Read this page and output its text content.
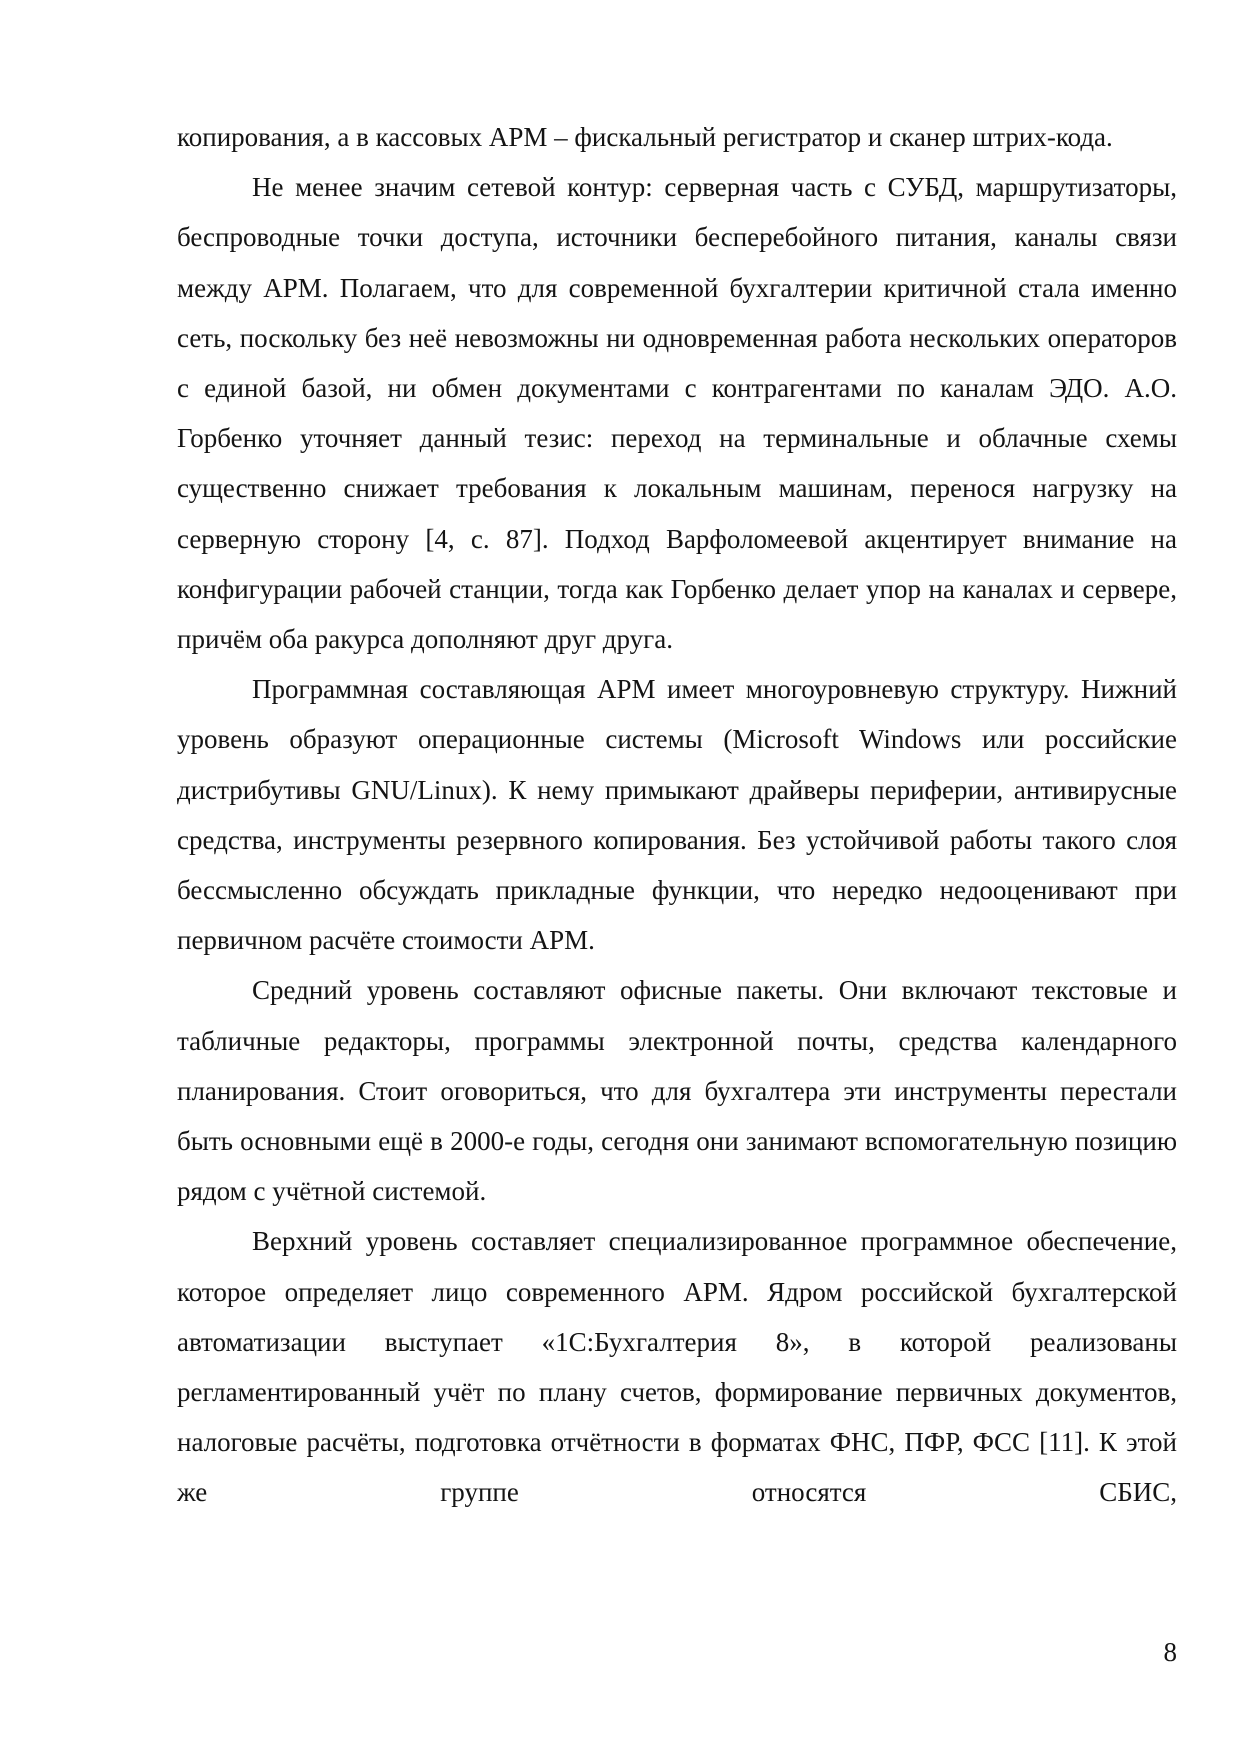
копирования, а в кассовых АРМ – фискальный регистратор и сканер штрих-кода.

Не менее значим сетевой контур: серверная часть с СУБД, маршрутизаторы, беспроводные точки доступа, источники бесперебойного питания, каналы связи между АРМ. Полагаем, что для современной бухгалтерии критичной стала именно сеть, поскольку без неё невозможны ни одновременная работа нескольких операторов с единой базой, ни обмен документами с контрагентами по каналам ЭДО. А.О. Горбенко уточняет данный тезис: переход на терминальные и облачные схемы существенно снижает требования к локальным машинам, перенося нагрузку на серверную сторону [4, с. 87]. Подход Варфоломеевой акцентирует внимание на конфигурации рабочей станции, тогда как Горбенко делает упор на каналах и сервере, причём оба ракурса дополняют друг друга.

Программная составляющая АРМ имеет многоуровневую структуру. Нижний уровень образуют операционные системы (Microsoft Windows или российские дистрибутивы GNU/Linux). К нему примыкают драйверы периферии, антивирусные средства, инструменты резервного копирования. Без устойчивой работы такого слоя бессмысленно обсуждать прикладные функции, что нередко недооценивают при первичном расчёте стоимости АРМ.

Средний уровень составляют офисные пакеты. Они включают текстовые и табличные редакторы, программы электронной почты, средства календарного планирования. Стоит оговориться, что для бухгалтера эти инструменты перестали быть основными ещё в 2000-е годы, сегодня они занимают вспомогательную позицию рядом с учётной системой.

Верхний уровень составляет специализированное программное обеспечение, которое определяет лицо современного АРМ. Ядром российской бухгалтерской автоматизации выступает «1С:Бухгалтерия 8», в которой реализованы регламентированный учёт по плану счетов, формирование первичных документов, налоговые расчёты, подготовка отчётности в форматах ФНС, ПФР, ФСС [11]. К этой же группе относятся СБИС,

8
